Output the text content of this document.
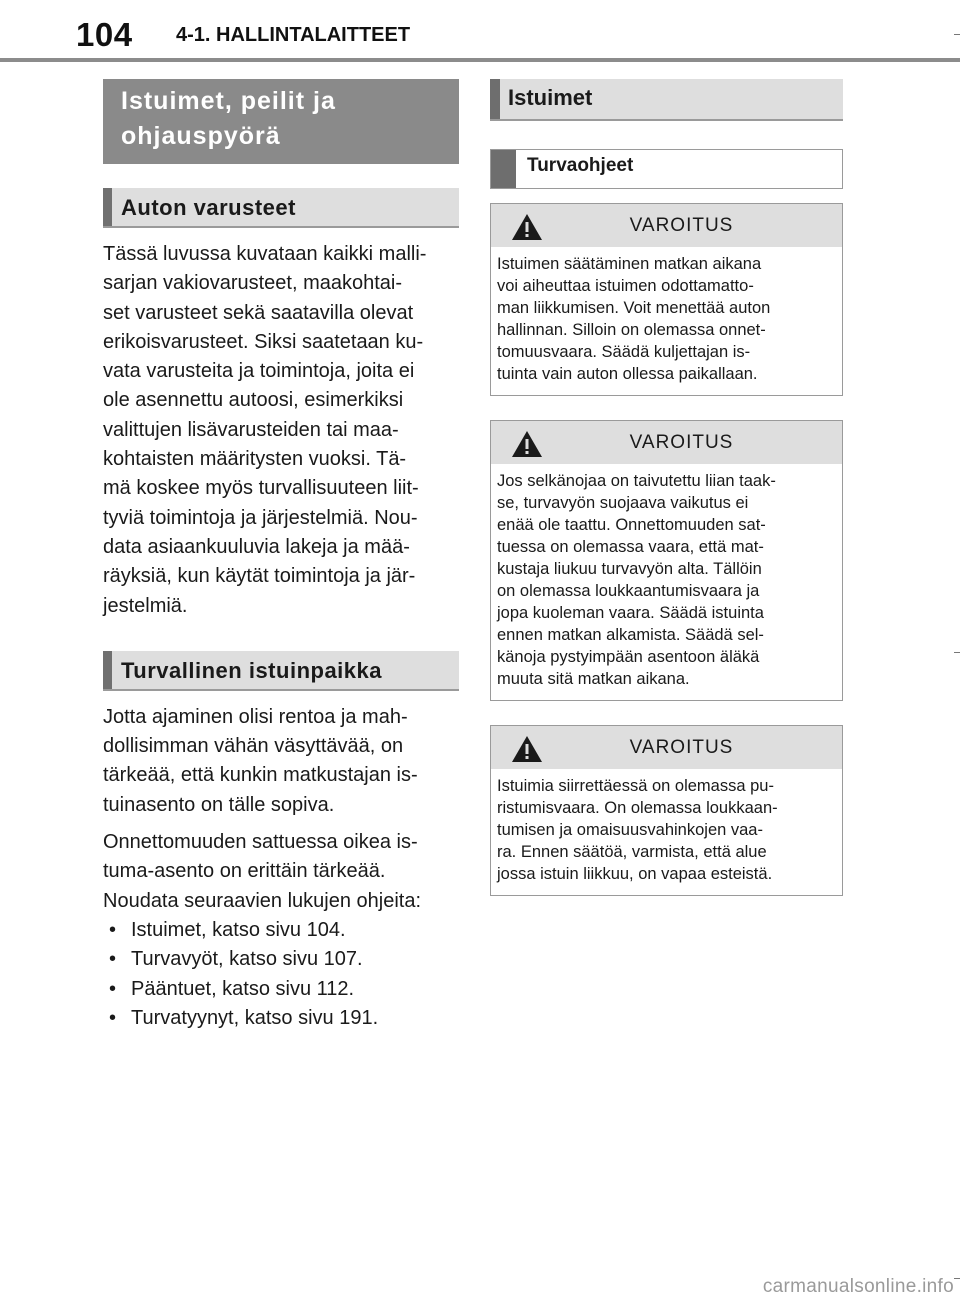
104 4-1. HALLINTALAITTEET
Istuimet, peilit ja ohjauspyörä
Auton varusteet

Tässä luvussa kuvataan kaikki malli-

sarjan vakiovarusteet, maakohtai-

set varusteet sekä saatavilla olevat

erikoisvarusteet. Siksi saatetaan ku-

vata varusteita ja toimintoja, joita ei

ole asennettu autoosi, esimerkiksi

valittujen lisävarusteiden tai maa-

kohtaisten määritysten vuoksi. Tä-

mä koskee myös turvallisuuteen liit-

tyviä toimintoja ja järjestelmiä. Nou-

data asiaankuuluvia lakeja ja mää-

räyksiä, kun käytät toimintoja ja jär-

jestelmiä.

Turvallinen istuinpaikka

Jotta ajaminen olisi rentoa ja mah-

dollisimman vähän väsyttävää, on

tärkeää, että kunkin matkustajan is-

tuinasento on tälle sopiva.

Onnettomuuden sattuessa oikea is-

tuma-asento on erittäin tärkeää.

Noudata seuraavien lukujen ohjeita:

• Istuimet, katso sivu 104.

• Turvavyöt, katso sivu 107.

• Pääntuet, katso sivu 112.

• Turvatyynyt, katso sivu 191.

Istuimet
Turvaohjeet
VAROITUS
Istuimen säätäminen matkan aikana
voi aiheuttaa istuimen odottamatto-
man liikkumisen. Voit menettää auton
hallinnan. Silloin on olemassa onnet-
tomuusvaara. Säädä kuljettajan is-
tuinta vain auton ollessa paikallaan.
VAROITUS
Jos selkänojaa on taivutettu liian taak-
se, turvavyön suojaava vaikutus ei
enää ole taattu. Onnettomuuden sat-
tuessa on olemassa vaara, että mat-
kustaja liukuu turvavyön alta. Tällöin
on olemassa loukkaantumisvaara ja
jopa kuoleman vaara. Säädä istuinta
ennen matkan alkamista. Säädä sel-
känoja pystyimpään asentoon äläkä
muuta sitä matkan aikana.
VAROITUS
Istuimia siirrettäessä on olemassa pu-
ristumisvaara. On olemassa loukkaan-
tumisen ja omaisuusvahinkojen vaa-
ra. Ennen säätöä, varmista, että alue
jossa istuin liikkuu, on vapaa esteistä.
carmanualsonline.info
